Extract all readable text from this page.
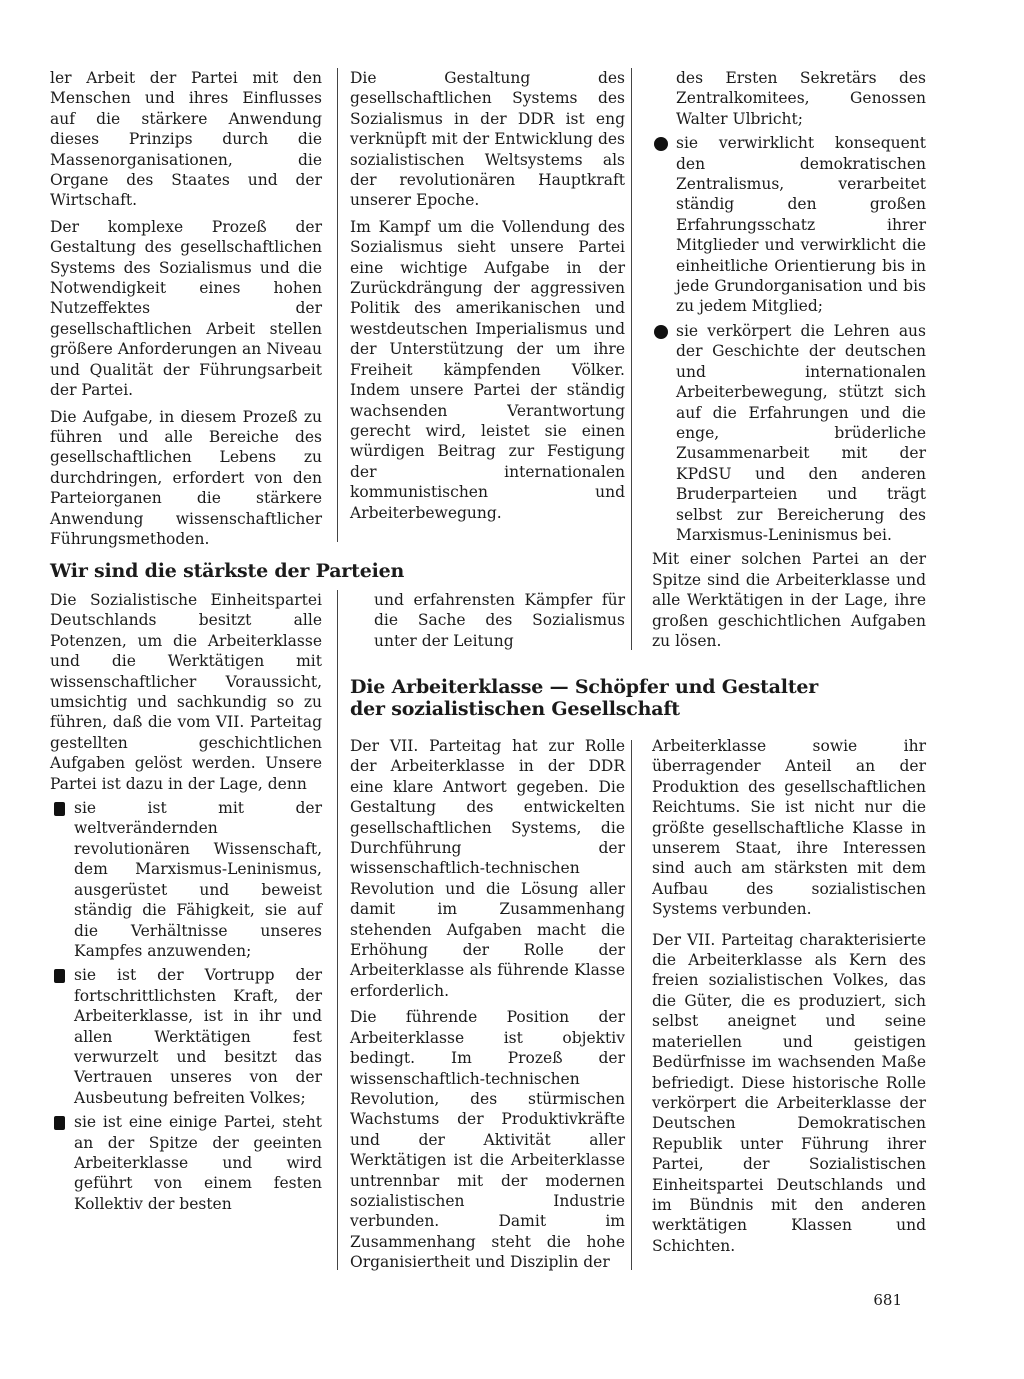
ler Arbeit der Partei mit den Menschen und ihres Einflusses auf die stärkere Anwendung dieses Prinzips durch die Massenorganisationen, die Organe des Staates und der Wirtschaft.

Der komplexe Prozeß der Gestaltung des gesellschaftlichen Systems des Sozialismus und die Notwendigkeit eines hohen Nutzeffektes der gesellschaftlichen Arbeit stellen größere Anforderungen an Niveau und Qualität der Führungsarbeit der Partei.

Die Aufgabe, in diesem Prozeß zu führen und alle Bereiche des gesellschaftlichen Lebens zu durchdringen, erfordert von den Parteiorganen die stärkere Anwendung wissenschaftlicher Führungsmethoden.

Die Gestaltung des gesellschaftlichen Systems des Sozialismus in der DDR ist eng verknüpft mit der Entwicklung des sozialistischen Weltsystems als der revolutionären Hauptkraft unserer Epoche.

Im Kampf um die Vollendung des Sozialismus sieht unsere Partei eine wichtige Aufgabe in der Zurückdrängung der aggressiven Politik des amerikanischen und westdeutschen Imperialismus und der Unterstützung der um ihre Freiheit kämpfenden Völker. Indem unsere Partei der ständig wachsenden Verantwortung gerecht wird, leistet sie einen würdigen Beitrag zur Festigung der internationalen kommunistischen und Arbeiterbewegung.

des Ersten Sekretärs des Zentralkomitees, Genossen Walter Ulbricht;

sie verwirklicht konsequent den demokratischen Zentralismus, verarbeitet ständig den großen Erfahrungsschatz ihrer Mitglieder und verwirklicht die einheitliche Orientierung bis in jede Grundorganisation und bis zu jedem Mitglied;

sie verkörpert die Lehren aus der Geschichte der deutschen und internationalen Arbeiterbewegung, stützt sich auf die Erfahrungen und die enge, brüderliche Zusammenarbeit mit der KPdSU und den anderen Bruderparteien und trägt selbst zur Bereicherung des Marxismus-Leninismus bei.

Mit einer solchen Partei an der Spitze sind die Arbeiterklasse und alle Werktätigen in der Lage, ihre großen geschichtlichen Aufgaben zu lösen.

Wir sind die stärkste der Parteien

Die Sozialistische Einheitspartei Deutschlands besitzt alle Potenzen, um die Arbeiterklasse und die Werktätigen mit wissenschaftlicher Voraussicht, umsichtig und sachkundig so zu führen, daß die vom VII. Parteitag gestellten geschichtlichen Aufgaben gelöst werden. Unsere Partei ist dazu in der Lage, denn

sie ist mit der weltverändernden revolutionären Wissenschaft, dem Marxismus-Leninismus, ausgerüstet und beweist ständig die Fähigkeit, sie auf die Verhältnisse unseres Kampfes anzuwenden;

sie ist der Vortrupp der fortschrittlichsten Kraft, der Arbeiterklasse, ist in ihr und allen Werktätigen fest verwurzelt und besitzt das Vertrauen unseres von der Ausbeutung befreiten Volkes;

sie ist eine einige Partei, steht an der Spitze der geeinten Arbeiterklasse und wird geführt von einem festen Kollektiv der besten

und erfahrensten Kämpfer für die Sache des Sozialismus unter der Leitung

Die Arbeiterklasse — Schöpfer und Gestalter der sozialistischen Gesellschaft

Der VII. Parteitag hat zur Rolle der Arbeiterklasse in der DDR eine klare Antwort gegeben. Die Gestaltung des entwickelten gesellschaftlichen Systems, die Durchführung der wissenschaftlich-technischen Revolution und die Lösung aller damit im Zusammenhang stehenden Aufgaben macht die Erhöhung der Rolle der Arbeiterklasse als führende Klasse erforderlich.

Die führende Position der Arbeiterklasse ist objektiv bedingt. Im Prozeß der wissenschaftlich-technischen Revolution, des stürmischen Wachstums der Produktivkräfte und der Aktivität aller Werktätigen ist die Arbeiterklasse untrennbar mit der modernen sozialistischen Industrie verbunden. Damit im Zusammenhang steht die hohe Organisiertheit und Disziplin der

Arbeiterklasse sowie ihr überragender Anteil an der Produktion des gesellschaftlichen Reichtums. Sie ist nicht nur die größte gesellschaftliche Klasse in unserem Staat, ihre Interessen sind auch am stärksten mit dem Aufbau des sozialistischen Systems verbunden.

Der VII. Parteitag charakterisierte die Arbeiterklasse als Kern des freien sozialistischen Volkes, das die Güter, die es produziert, sich selbst aneignet und seine materiellen und geistigen Bedürfnisse im wachsenden Maße befriedigt. Diese historische Rolle verkörpert die Arbeiterklasse der Deutschen Demokratischen Republik unter Führung ihrer Partei, der Sozialistischen Einheitspartei Deutschlands und im Bündnis mit den anderen werktätigen Klassen und Schichten.

681
